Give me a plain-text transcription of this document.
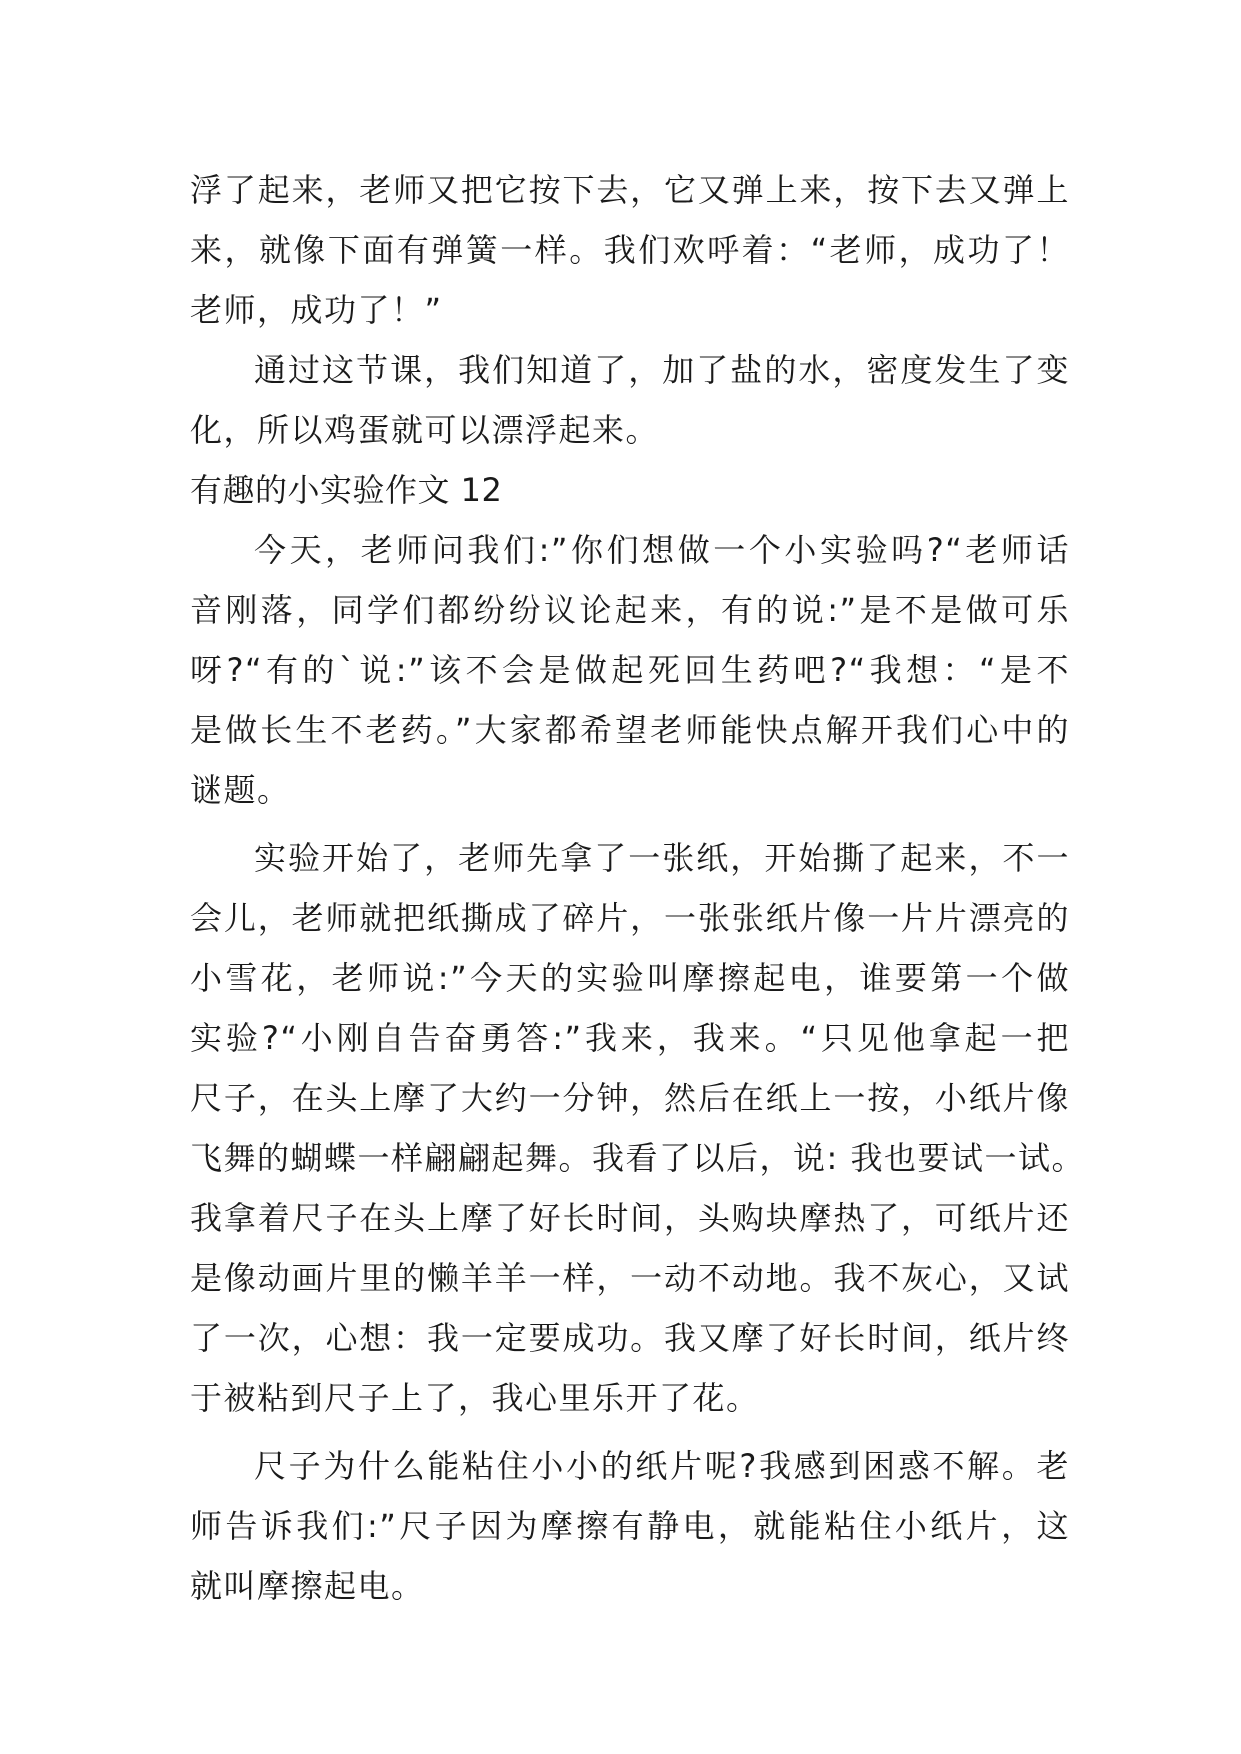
浮了起来，老师又把它按下去，它又弹上来，按下去又弹上
来，就像下面有弹簧一样。我们欢呼着：“老师，成功了！
老师，成功了！”
通过这节课，我们知道了，加了盐的水，密度发生了变
化，所以鸡蛋就可以漂浮起来。
有趣的小实验作文 12
今天，老师问我们:”你们想做一个小实验吗?“老师话
音刚落，同学们都纷纷议论起来，有的说:”是不是做可乐
呀?“有的`说:”该不会是做起死回生药吧?“我想：“是不
是做长生不老药。”大家都希望老师能快点解开我们心中的
谜题。
实验开始了，老师先拿了一张纸，开始撕了起来，不一
会儿，老师就把纸撕成了碎片，一张张纸片像一片片漂亮的
小雪花，老师说:”今天的实验叫摩擦起电，谁要第一个做
实验?“小刚自告奋勇答:”我来，我来。“只见他拿起一把
尺子，在头上摩了大约一分钟，然后在纸上一按，小纸片像
飞舞的蝴蝶一样翩翩起舞。我看了以后，说: 我也要试一试。
我拿着尺子在头上摩了好长时间，头购块摩热了，可纸片还
是像动画片里的懒羊羊一样，一动不动地。我不灰心，又试
了一次，心想：我一定要成功。我又摩了好长时间，纸片终
于被粘到尺子上了，我心里乐开了花。
尺子为什么能粘住小小的纸片呢?我感到困惑不解。老
师告诉我们:”尺子因为摩擦有静电，就能粘住小纸片，这
就叫摩擦起电。
